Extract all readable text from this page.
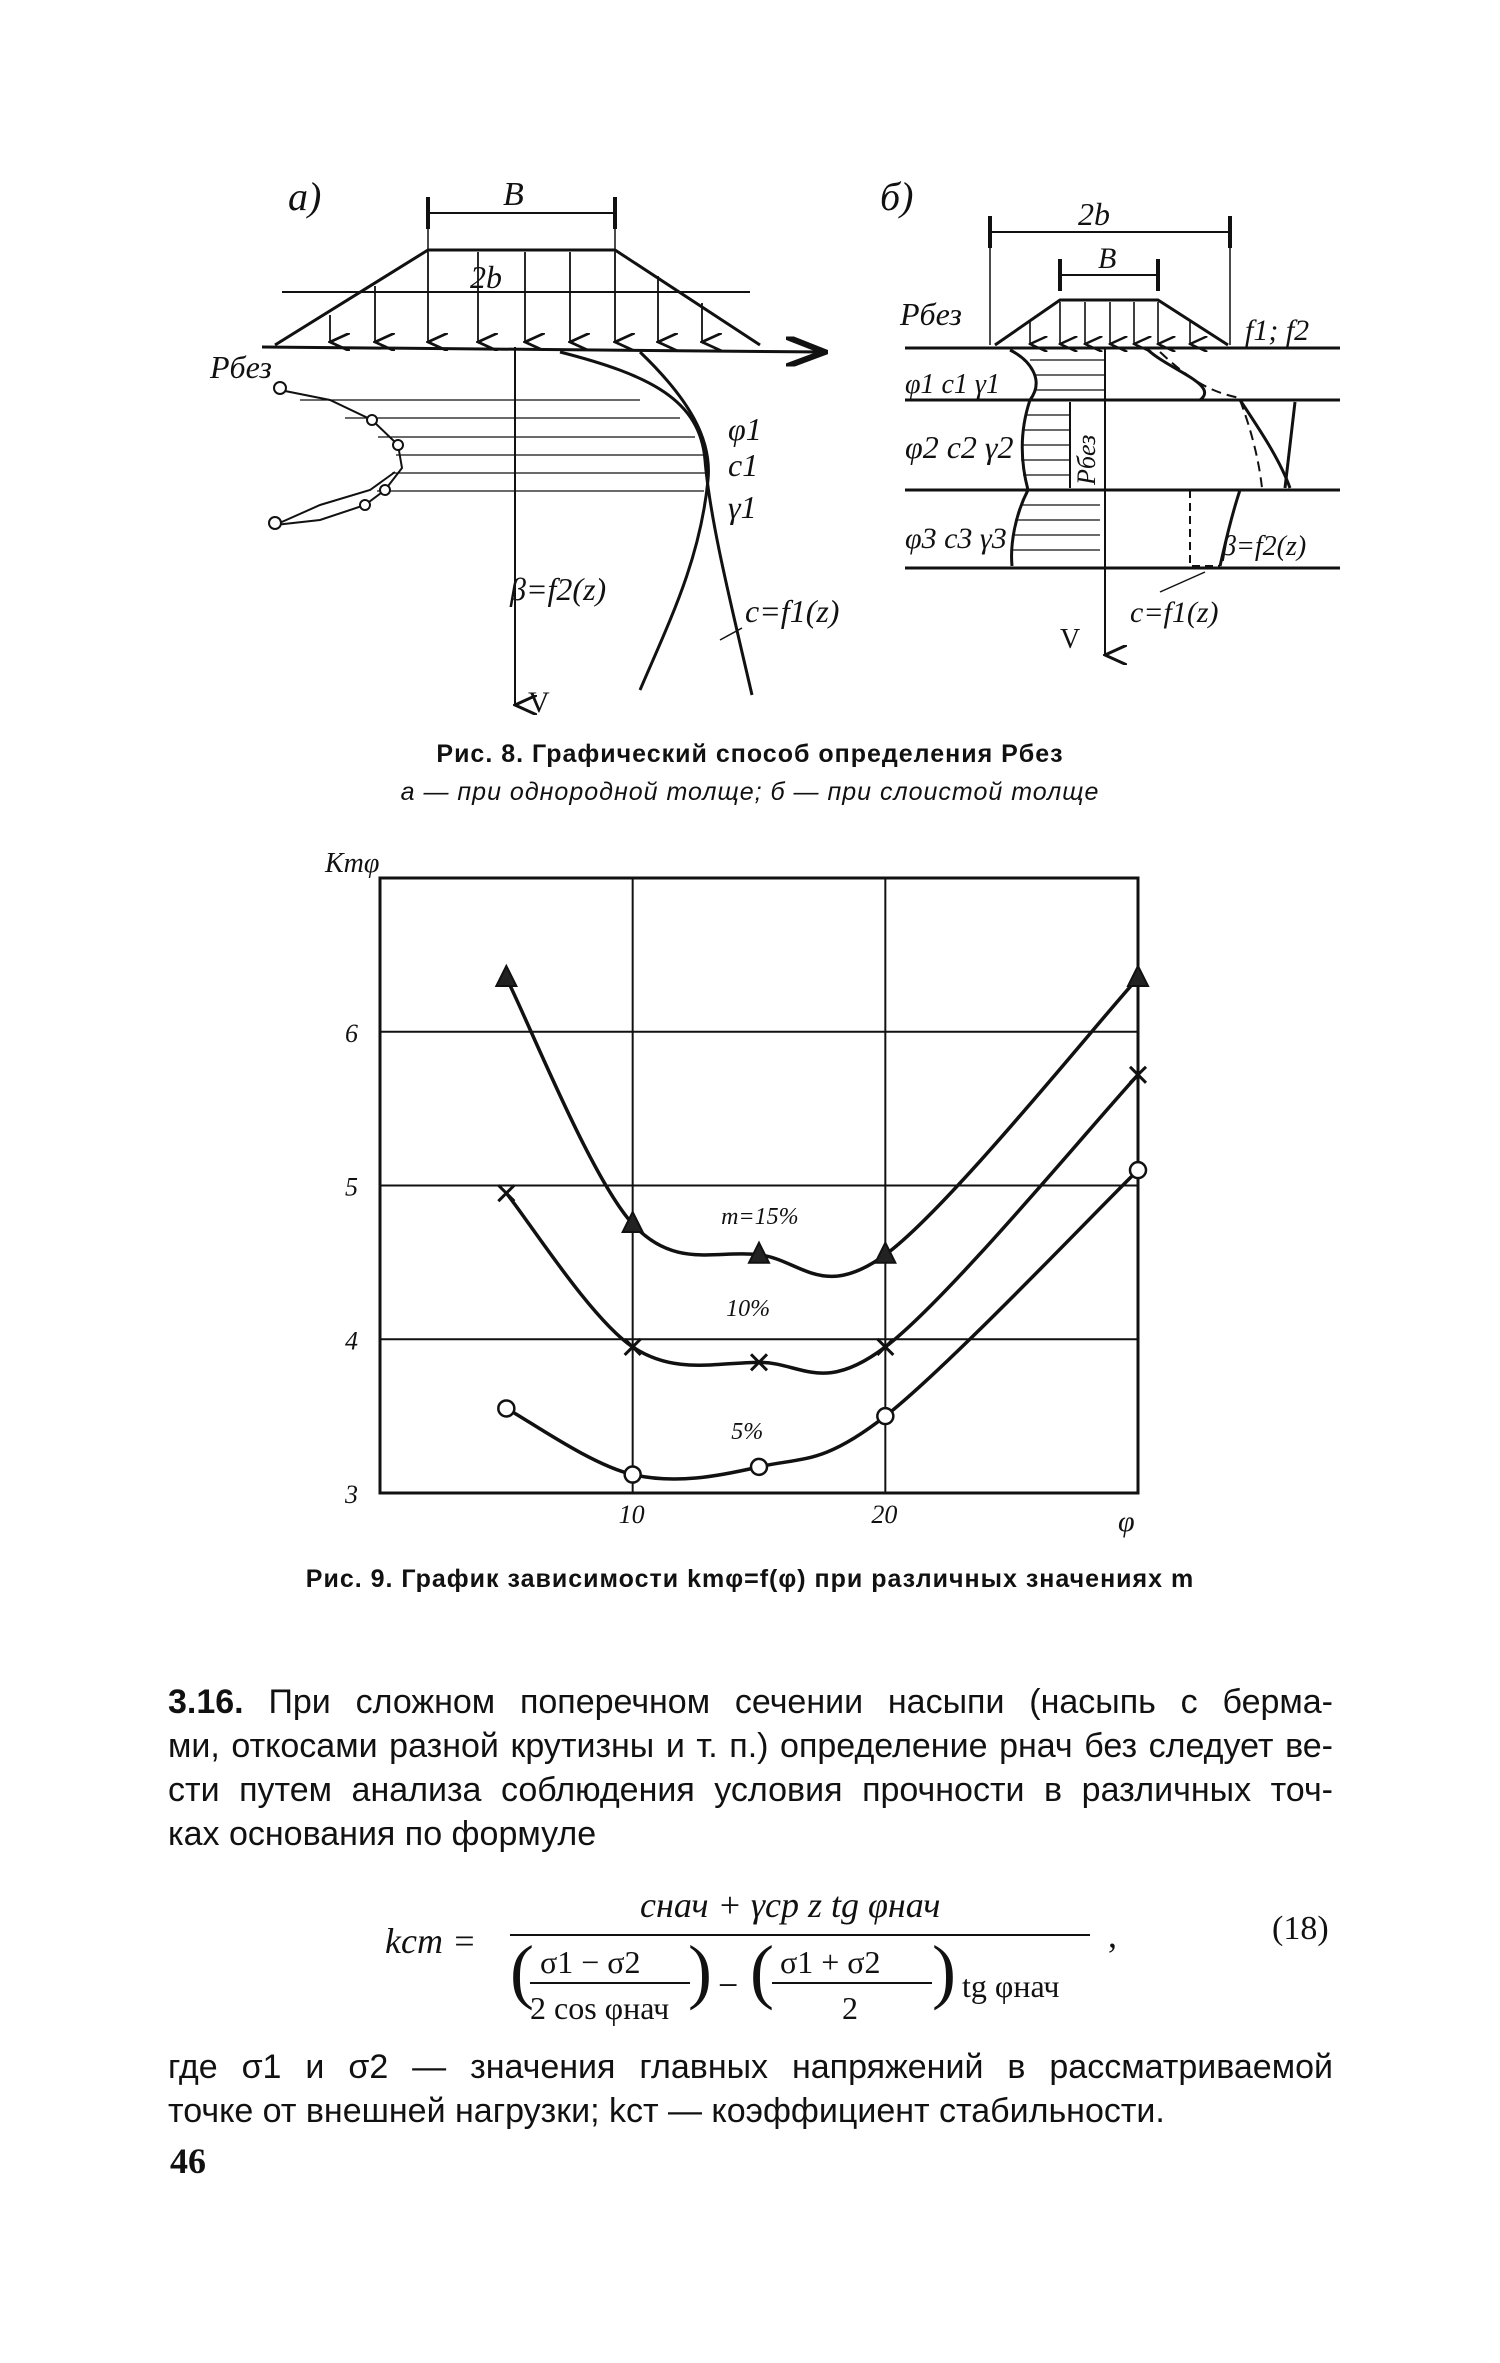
а)	B
2b
V
Pбез
φ1
c1
γ1
β=f2(z)
c=f1(z)
б)	2b
B
Pбез	f1; f2
φ1 c1 γ1
φ2 c2 γ2
φ3 c3 γ3
Pбез
V
β=f2(z)
c=f1(z)
Рис. 8. Графический способ определения Pбез
а — при однородной толще; б — при слоистой толще
3
4
5
6
10	20
Kmφ
φ
m=15%
10%
5%
Рис. 9. График зависимости kmφ=f(φ) при различных значениях m
3.16. При сложном поперечном сечении насыпи (насыпь с берма-
ми, откосами разной крутизны и т. п.) определение pнач без следует ве-
сти путем анализа соблюдения условия прочности в различных точ-
ках основания по формуле
kст =
cнач + γср z tg φнач
( σ1 − σ2
2 cos φнач ) − ( σ1 + σ2
2 ) tg φнач
,	(18)
где σ1 и σ2 — значения главных напряжений в рассматриваемой
точке от внешней нагрузки; kст — коэффициент стабильности.
46
